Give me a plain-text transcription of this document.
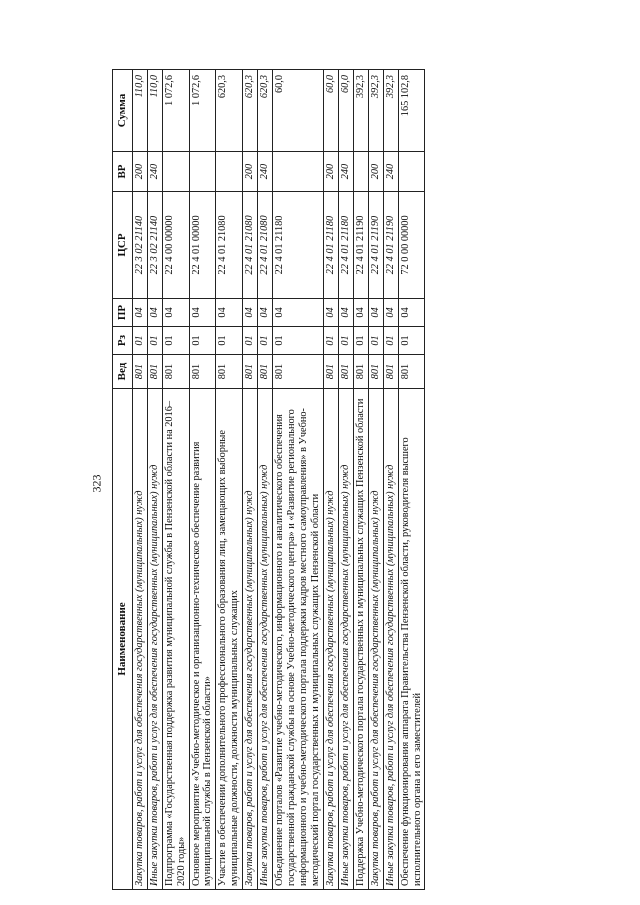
323
Наименование	Вед	Рз	ПР	ЦСР	ВР	Сумма
Закупка товаров, работ и услуг для обеспечения государственных (муниципальных) нужд	801	01	04	22 3 02 21140	200	110,0
Иные закупки товаров, работ и услуг для обеспечения государственных (муниципальных) нужд	801	01	04	22 3 02 21140	240	110,0
Подпрограмма «Государственная поддержка развития муниципальной службы в Пензенской области на 2016–2020 годы»	801	01	04	22 4 00 00000		1 072,6
Основное мероприятие «Учебно-методическое и организационно-техническое обеспечение развития муниципальной службы в Пензенской области»	801	01	04	22 4 01 00000		1 072,6
Участие в обеспечении дополнительного профессионального образования лиц, замещающих выборные муниципальные должности, должности муниципальных служащих	801	01	04	22 4 01 21080		620,3
Закупка товаров, работ и услуг для обеспечения государственных (муниципальных) нужд	801	01	04	22 4 01 21080	200	620,3
Иные закупки товаров, работ и услуг для обеспечения государственных (муниципальных) нужд	801	01	04	22 4 01 21080	240	620,3
Объединение порталов «Развитие учебно-методического, информационного и аналитического обеспечения государственной гражданской службы на основе Учебно-методического центра» и «Развитие регионального информационного и учебно-методического портала поддержки кадров местного самоуправления» в Учебно-методический портал государственных и муниципальных служащих Пензенской области	801	01	04	22 4 01 21180		60,0
Закупка товаров, работ и услуг для обеспечения государственных (муниципальных) нужд	801	01	04	22 4 01 21180	200	60,0
Иные закупки товаров, работ и услуг для обеспечения государственных (муниципальных) нужд	801	01	04	22 4 01 21180	240	60,0
Поддержка Учебно-методического портала государственных и муниципальных служащих Пензенской области	801	01	04	22 4 01 21190		392,3
Закупка товаров, работ и услуг для обеспечения государственных (муниципальных) нужд	801	01	04	22 4 01 21190	200	392,3
Иные закупки товаров, работ и услуг для обеспечения государственных (муниципальных) нужд	801	01	04	22 4 01 21190	240	392,3
Обеспечение функционирования аппарата Правительства Пензенской области, руководителя высшего исполнительного органа и его заместителей	801	01	04	72 0 00 00000		165 102,8
